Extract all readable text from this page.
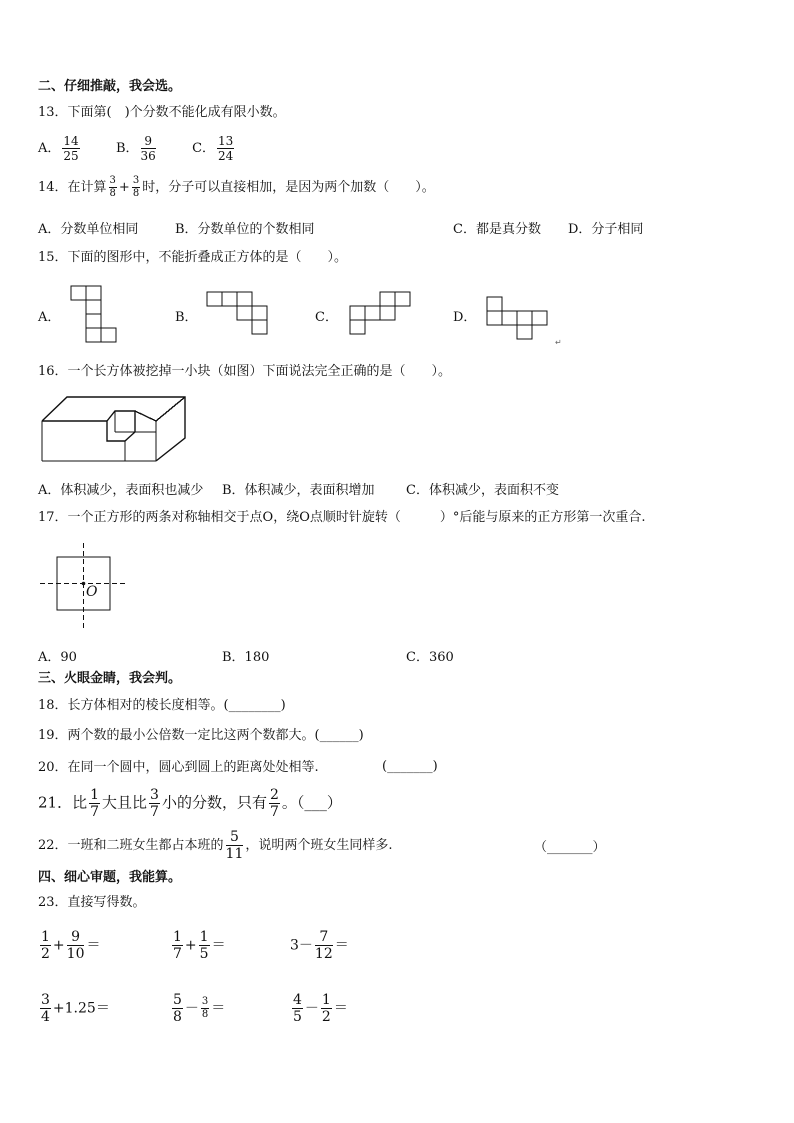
二、仔细推敲，我会选。
13．下面第(　)个分数不能化成有限小数。
A． $\frac{14}{25}$	B． $\frac{9}{36}$	C． $\frac{13}{24}$
14．在计算 $\frac{3}{8} + \frac{3}{8}$ 时，分子可以直接相加，是因为两个加数（　　）。
A．分数单位相同	B．分数单位的个数相同	C．都是真分数 D．分子相同
15．下面的图形中，不能折叠成正方体的是（　　）。
A．	B．	C．	D．
↵
O
16．一个长方体被挖掉一小块（如图）下面说法完全正确的是（　　）。
A．体积减少，表面积也减少 B．体积减少，表面积增加 C．体积减少，表面积不变
17．一个正方形的两条对称轴相交于点O，绕O点顺时针旋转（　　　）°后能与原来的正方形第一次重合.
A．90	B．180	C．360
三、火眼金睛，我会判。
18．长方体相对的棱长度相等。(________)
19．两个数的最小公倍数一定比这两个数都大。(______)
20．在同一个圆中，圆心到圆上的距离处处相等.	(_______)
21．比 $\frac{1}{7}$ 大且比 $\frac{3}{7}$ 小的分数，只有 $\frac{2}{7}$ 。（___）
22．一班和二班女生都占本班的 $\frac{5}{11}$ ，说明两个班女生同样多.	（_______）
四、细心审题，我能算。
23．直接写得数。
$\frac{1}{2} + \frac{9}{10}$ ＝	$\frac{1}{7} + \frac{1}{5}$ ＝	$3- \frac{7}{12}$ ＝
$\frac{3}{4} +1.25=$	$\frac{5}{8} - \frac{3}{8}$ ＝	$\frac{4}{5} - \frac{1}{2}$ ＝
